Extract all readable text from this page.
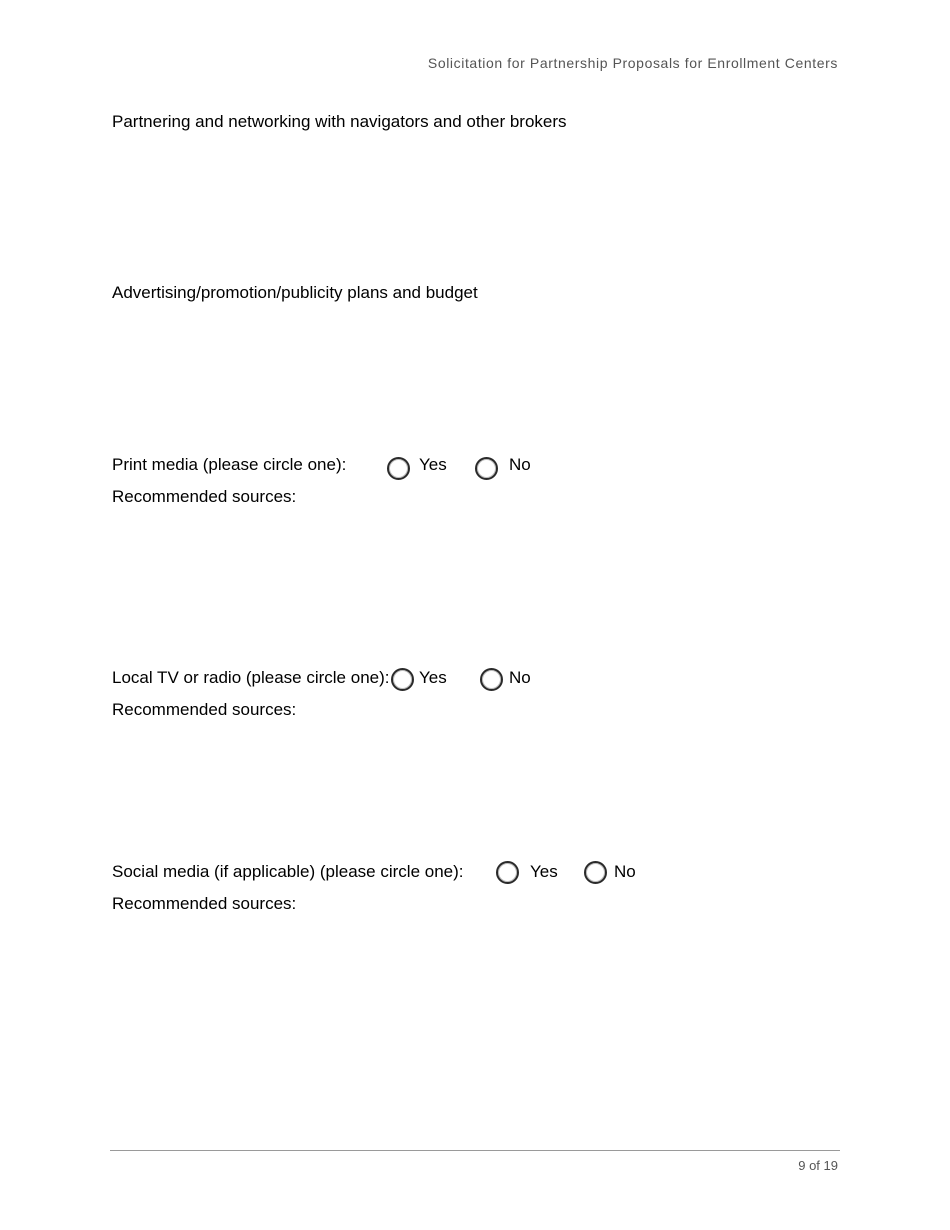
Solicitation for Partnership Proposals for Enrollment Centers
Partnering and networking with navigators and other brokers
Advertising/promotion/publicity plans and budget
Print media (please circle one):	Yes	No
Recommended sources:
Local TV or radio (please circle one): Yes	No
Recommended sources:
Social media (if applicable) (please circle one):	Yes	No
Recommended sources:
9 of 19
